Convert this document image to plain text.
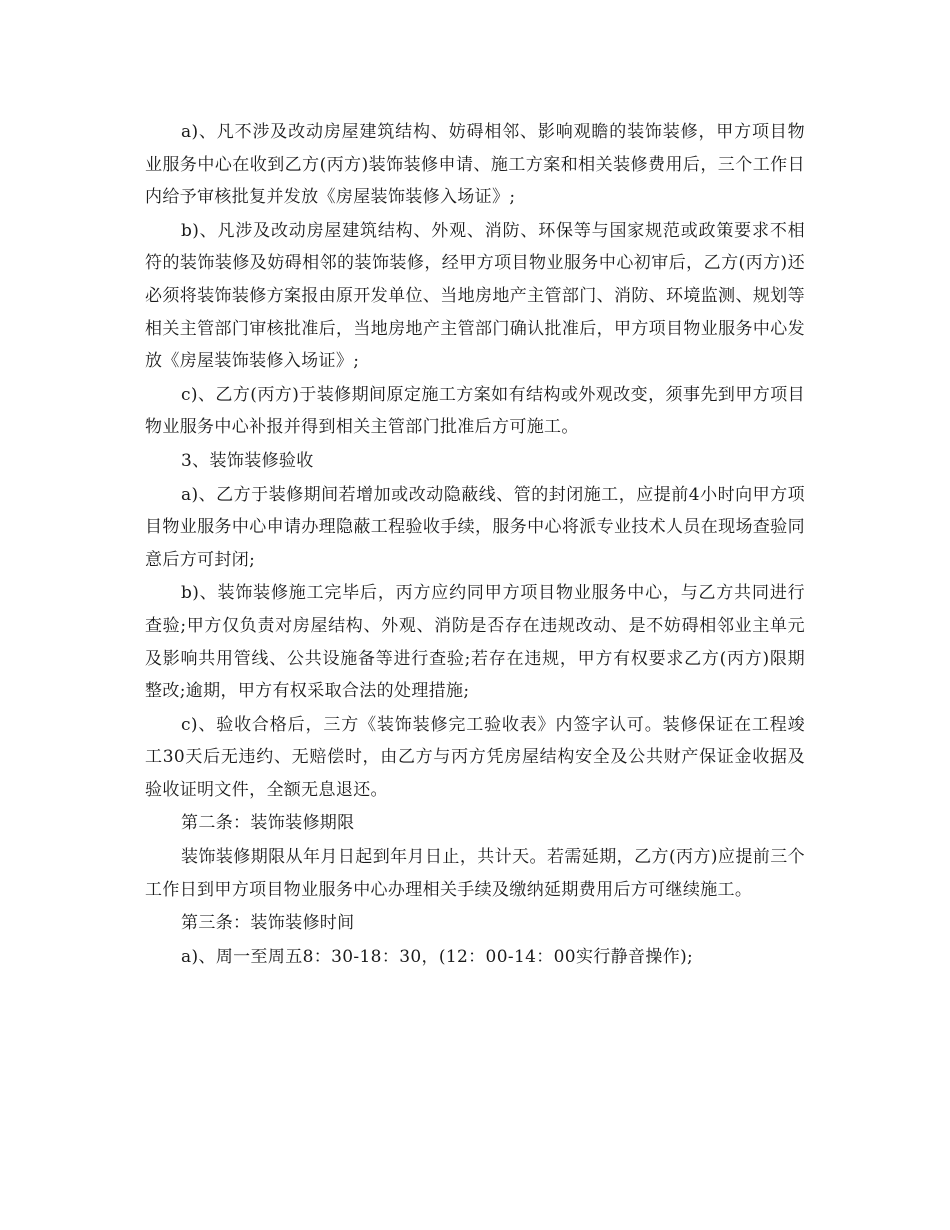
a)、凡不涉及改动房屋建筑结构、妨碍相邻、影响观瞻的装饰装修，甲方项目物业服务中心在收到乙方(丙方)装饰装修申请、施工方案和相关装修费用后，三个工作日内给予审核批复并发放《房屋装饰装修入场证》;

b)、凡涉及改动房屋建筑结构、外观、消防、环保等与国家规范或政策要求不相符的装饰装修及妨碍相邻的装饰装修，经甲方项目物业服务中心初审后，乙方(丙方)还必须将装饰装修方案报由原开发单位、当地房地产主管部门、消防、环境监测、规划等相关主管部门审核批准后，当地房地产主管部门确认批准后，甲方项目物业服务中心发放《房屋装饰装修入场证》;

c)、乙方(丙方)于装修期间原定施工方案如有结构或外观改变，须事先到甲方项目物业服务中心补报并得到相关主管部门批准后方可施工。

3、装饰装修验收

a)、乙方于装修期间若增加或改动隐蔽线、管的封闭施工，应提前4小时向甲方项目物业服务中心申请办理隐蔽工程验收手续，服务中心将派专业技术人员在现场查验同意后方可封闭;

b)、装饰装修施工完毕后，丙方应约同甲方项目物业服务中心，与乙方共同进行查验;甲方仅负责对房屋结构、外观、消防是否存在违规改动、是不妨碍相邻业主单元及影响共用管线、公共设施备等进行查验;若存在违规，甲方有权要求乙方(丙方)限期整改;逾期，甲方有权采取合法的处理措施;

c)、验收合格后，三方《装饰装修完工验收表》内签字认可。装修保证在工程竣工30天后无违约、无赔偿时，由乙方与丙方凭房屋结构安全及公共财产保证金收据及验收证明文件，全额无息退还。

第二条：装饰装修期限

装饰装修期限从年月日起到年月日止，共计天。若需延期，乙方(丙方)应提前三个工作日到甲方项目物业服务中心办理相关手续及缴纳延期费用后方可继续施工。

第三条：装饰装修时间

a)、周一至周五8：30-18：30，(12：00-14：00实行静音操作);
